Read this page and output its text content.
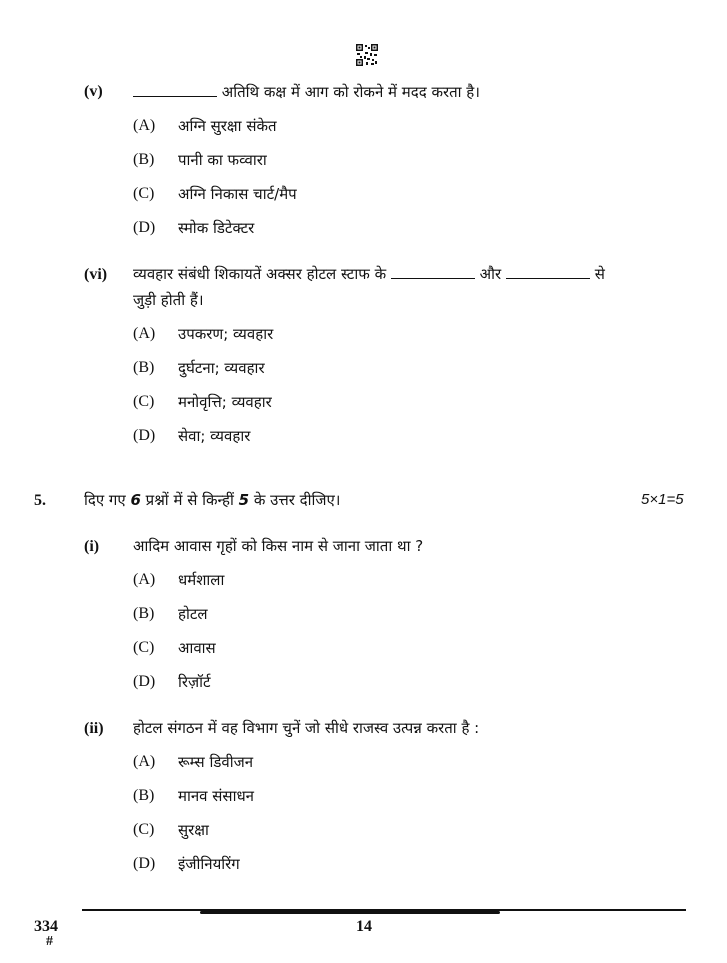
(v)	अतिथि कक्ष में आग को रोकने में मदद करता है।
(A) अग्नि सुरक्षा संकेत
(B) पानी का फव्वारा
(C) अग्नि निकास चार्ट/मैप
(D) स्मोक डिटेक्टर
(vi) व्यवहार संबंधी शिकायतें अक्सर होटल स्टाफ के	और	से
जुड़ी होती हैं।
(A) उपकरण; व्यवहार
(B) दुर्घटना; व्यवहार
(C) मनोवृत्ति; व्यवहार
(D) सेवा; व्यवहार
5.	दिए गए 6 प्रश्नों में से किन्हीं 5 के उत्तर दीजिए।	5×1=5
(i) आदिम आवास गृहों को किस नाम से जाना जाता था ?
(A) धर्मशाला
(B) होटल
(C) आवास
(D) रिज़ॉर्ट
(ii) होटल संगठन में वह विभाग चुनें जो सीधे राजस्व उत्पन्न करता है :
(A) रूम्स डिवीजन
(B) मानव संसाधन
(C) सुरक्षा
(D) इंजीनियरिंग
334
#
14
